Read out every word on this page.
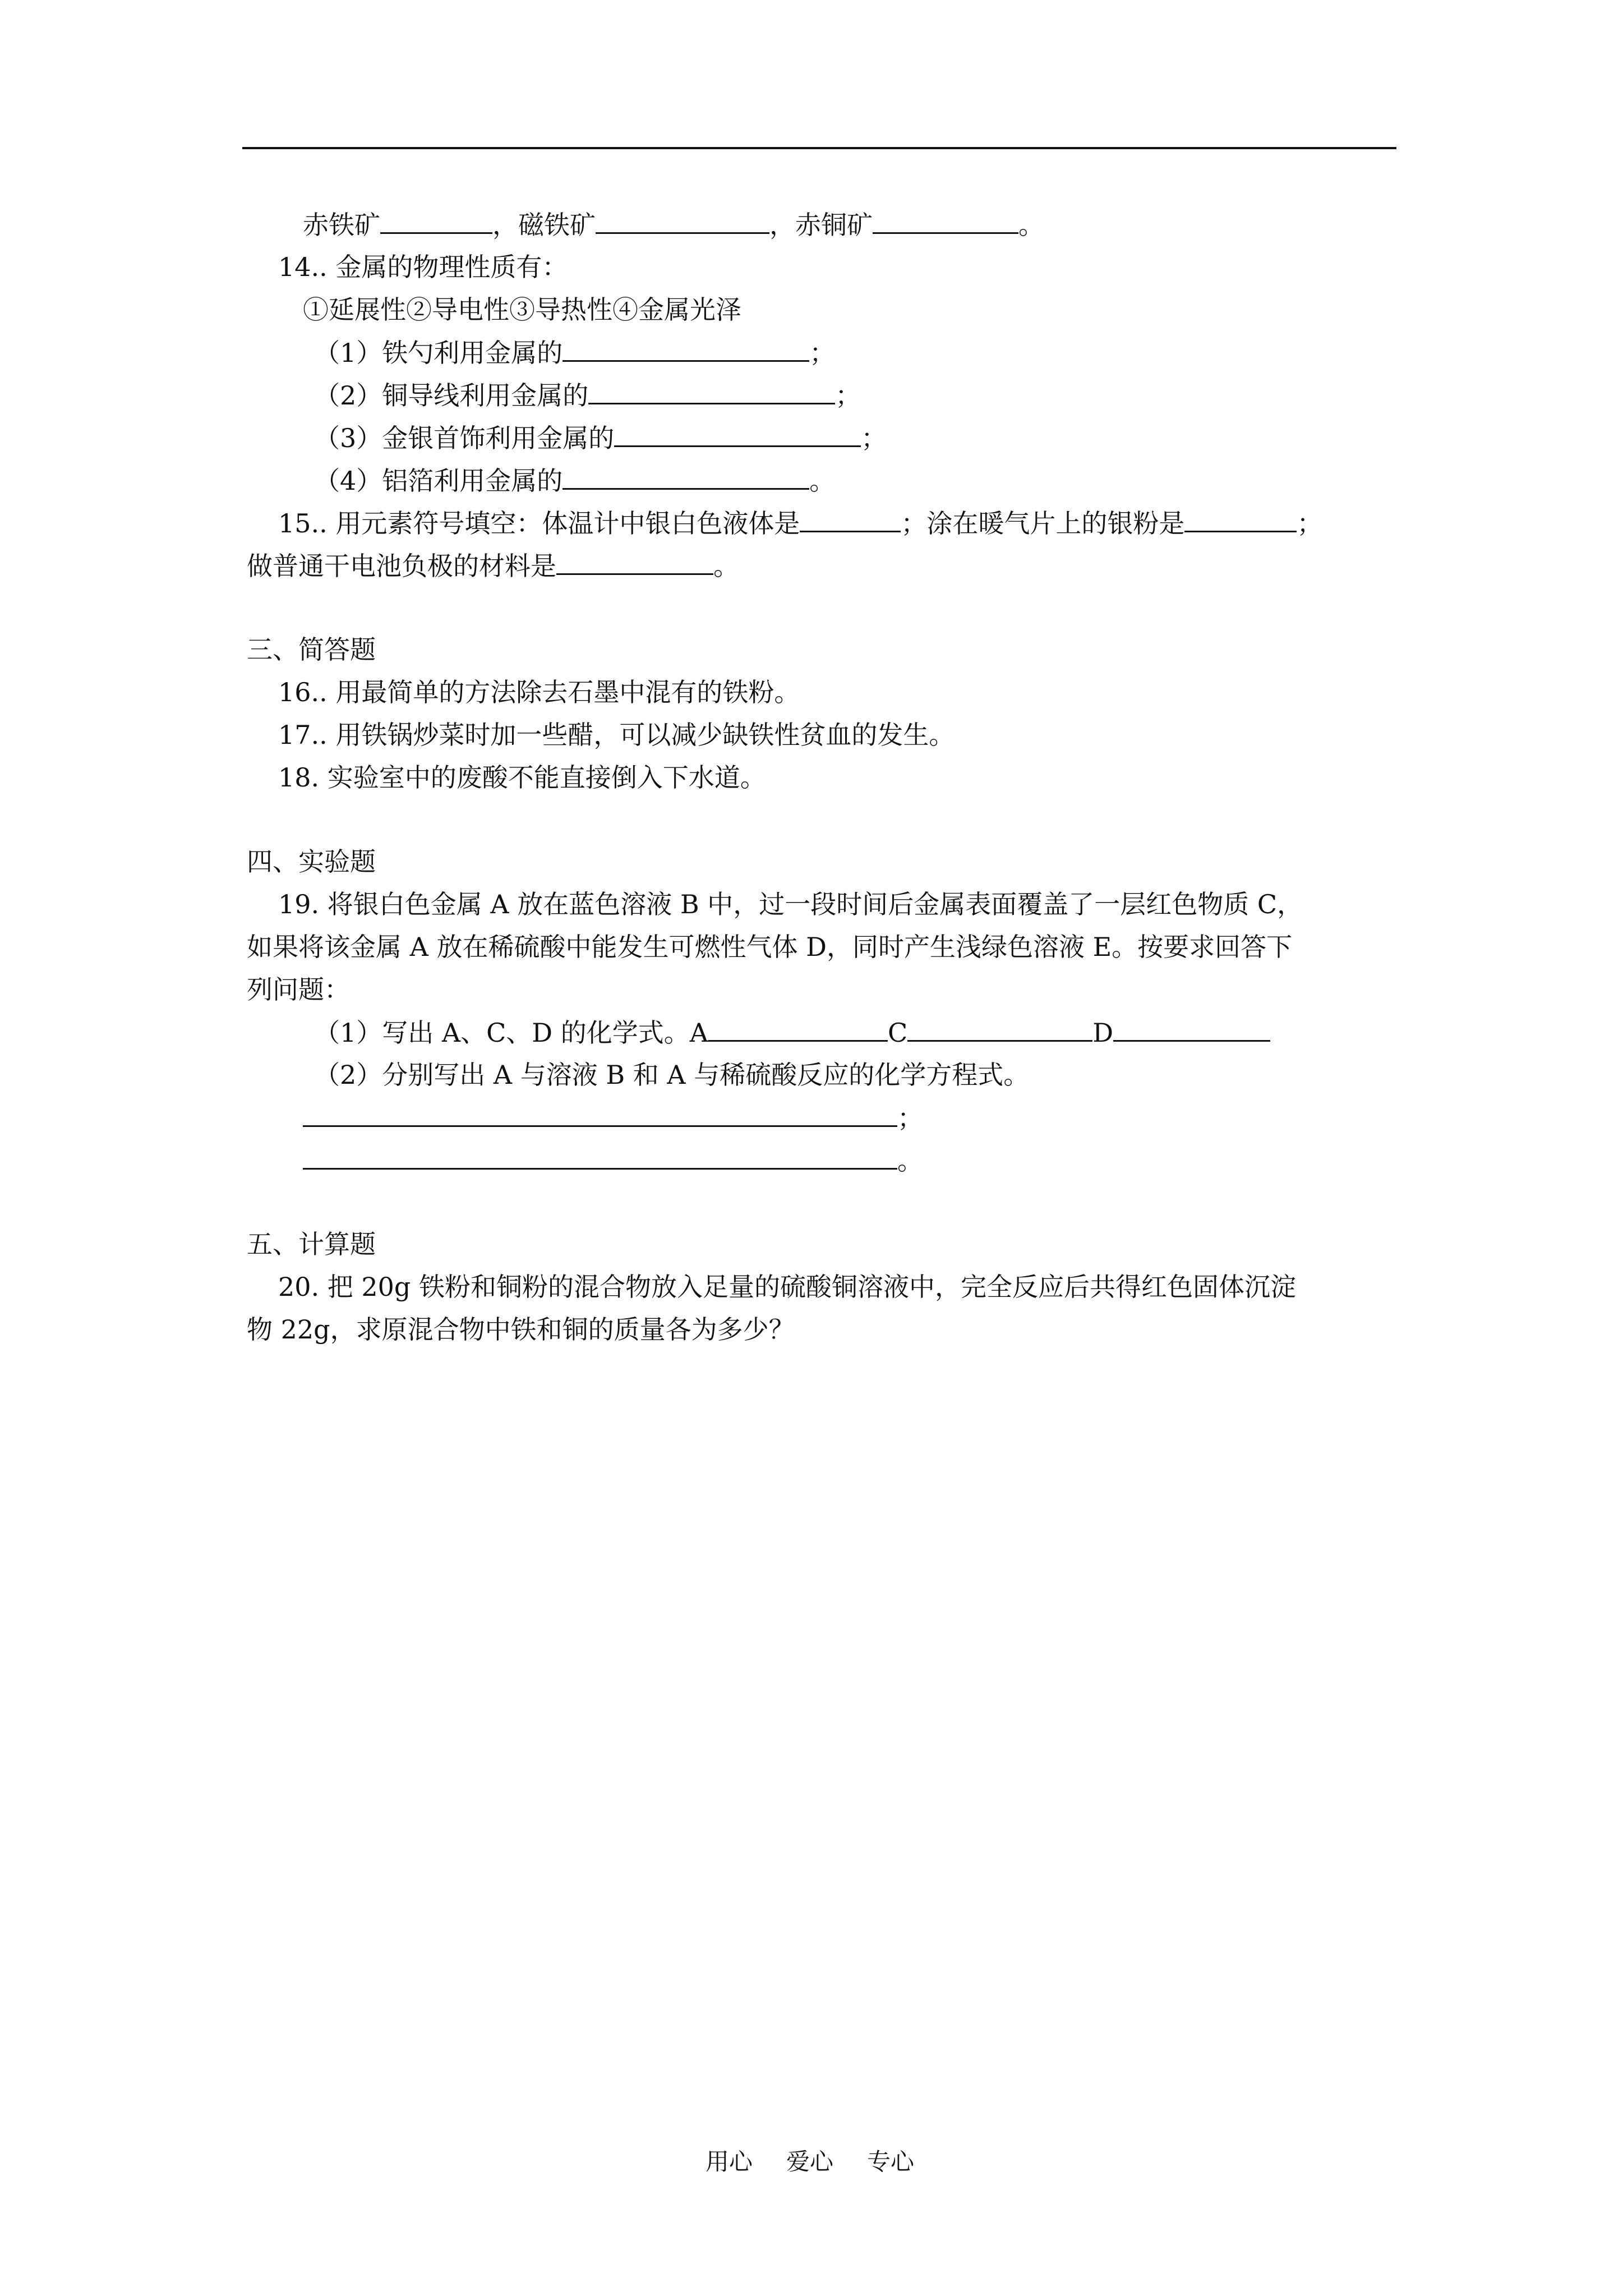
赤铁矿	，磁铁矿	，赤铜矿	。
14.. 金属的物理性质有：
①延展性②导电性③导热性④金属光泽
（1）铁勺利用金属的	；
（2）铜导线利用金属的	；
（3）金银首饰利用金属的	；
（4）铝箔利用金属的	。
15.. 用元素符号填空：体温计中银白色液体是	；涂在暖气片上的银粉是	；
做普通干电池负极的材料是	。
三、简答题
16.. 用最简单的方法除去石墨中混有的铁粉。
17.. 用铁锅炒菜时加一些醋，可以减少缺铁性贫血的发生。
18. 实验室中的废酸不能直接倒入下水道。
四、实验题
19. 将银白色金属 A 放在蓝色溶液 B 中，过一段时间后金属表面覆盖了一层红色物质 C，
如果将该金属 A 放在稀硫酸中能发生可燃性气体 D，同时产生浅绿色溶液 E。按要求回答下
列问题：
（1）写出 A、C、D 的化学式。A	C	D
（2）分别写出 A 与溶液 B 和 A 与稀硫酸反应的化学方程式。
；
。
五、计算题
20. 把 20g 铁粉和铜粉的混合物放入足量的硫酸铜溶液中，完全反应后共得红色固体沉淀
物 22g，求原混合物中铁和铜的质量各为多少？
用心 爱心 专心
